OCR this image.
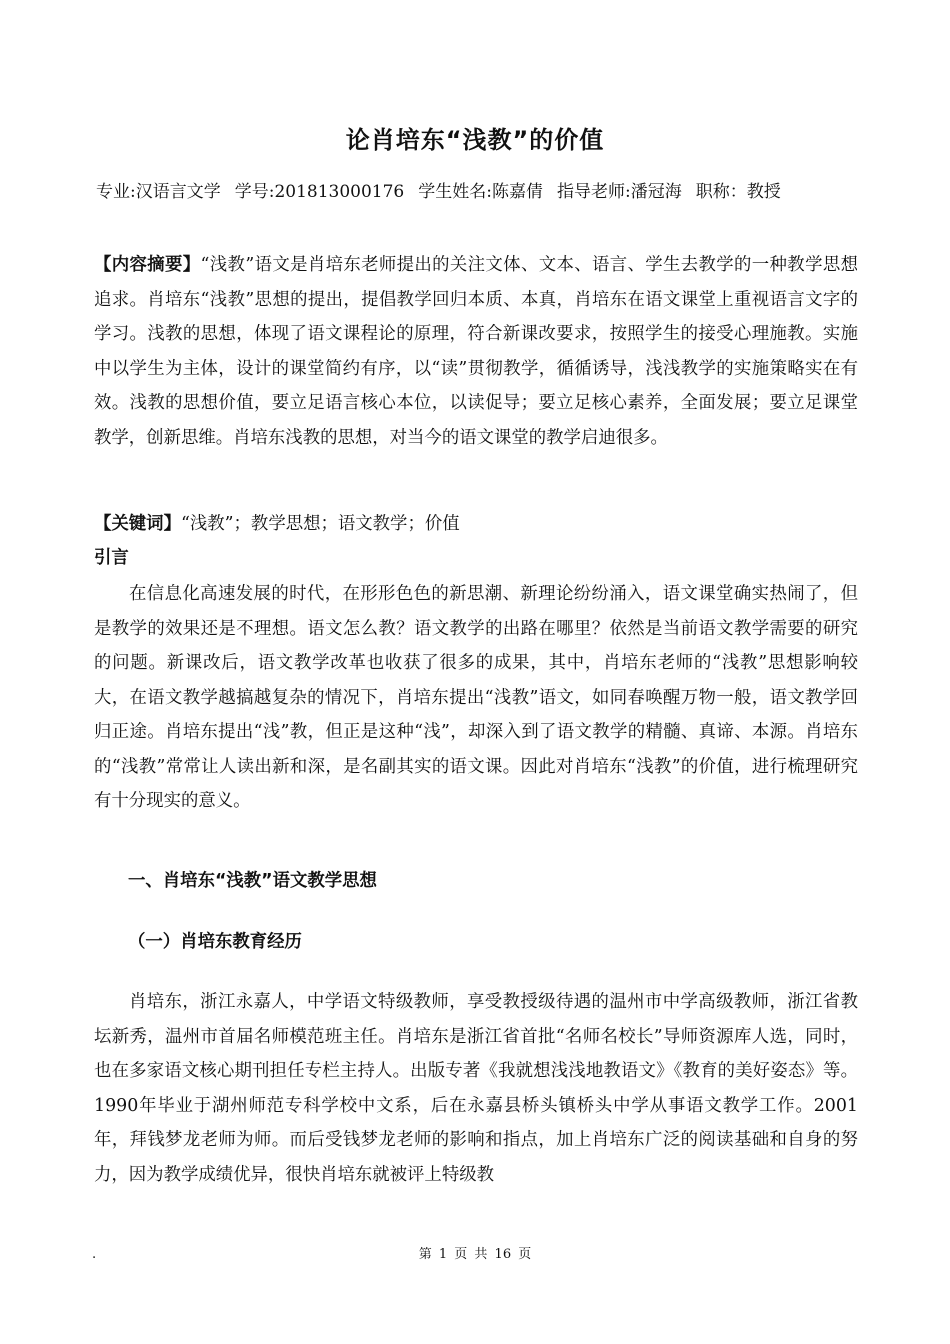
论肖培东“浅教”的价值
专业:汉语言文学 学号:201813000176 学生姓名:陈嘉倩 指导老师:潘冠海 职称：教授
【内容摘要】“浅教”语文是肖培东老师提出的关注文体、文本、语言、学生去教学的一种教学思想追求。肖培东“浅教”思想的提出，提倡教学回归本质、本真，肖培东在语文课堂上重视语言文字的学习。浅教的思想，体现了语文课程论的原理，符合新课改要求，按照学生的接受心理施教。实施中以学生为主体，设计的课堂简约有序，以“读”贯彻教学，循循诱导，浅浅教学的实施策略实在有效。浅教的思想价值，要立足语言核心本位，以读促导；要立足核心素养，全面发展；要立足课堂教学，创新思维。肖培东浅教的思想，对当今的语文课堂的教学启迪很多。
【关键词】“浅教”；教学思想；语文教学；价值
引言
在信息化高速发展的时代，在形形色色的新思潮、新理论纷纷涌入，语文课堂确实热闹了，但是教学的效果还是不理想。语文怎么教？语文教学的出路在哪里？依然是当前语文教学需要的研究的问题。新课改后，语文教学改革也收获了很多的成果，其中，肖培东老师的“浅教”思想影响较大，在语文教学越搞越复杂的情况下，肖培东提出“浅教”语文，如同春唤醒万物一般，语文教学回归正途。肖培东提出“浅”教，但正是这种“浅”，却深入到了语文教学的精髓、真谛、本源。肖培东的“浅教”常常让人读出新和深，是名副其实的语文课。因此对肖培东“浅教”的价值，进行梳理研究有十分现实的意义。
一、肖培东“浅教”语文教学思想
（一）肖培东教育经历
肖培东，浙江永嘉人，中学语文特级教师，享受教授级待遇的温州市中学高级教师，浙江省教坛新秀，温州市首届名师模范班主任。肖培东是浙江省首批“名师名校长”导师资源库人选，同时，也在多家语文核心期刊担任专栏主持人。出版专著《我就想浅浅地教语文》《教育的美好姿态》等。1990年毕业于湖州师范专科学校中文系，后在永嘉县桥头镇桥头中学从事语文教学工作。2001年，拜钱梦龙老师为师。而后受钱梦龙老师的影响和指点，加上肖培东广泛的阅读基础和自身的努力，因为教学成绩优异，很快肖培东就被评上特级教
.	第 1 页 共 16 页
